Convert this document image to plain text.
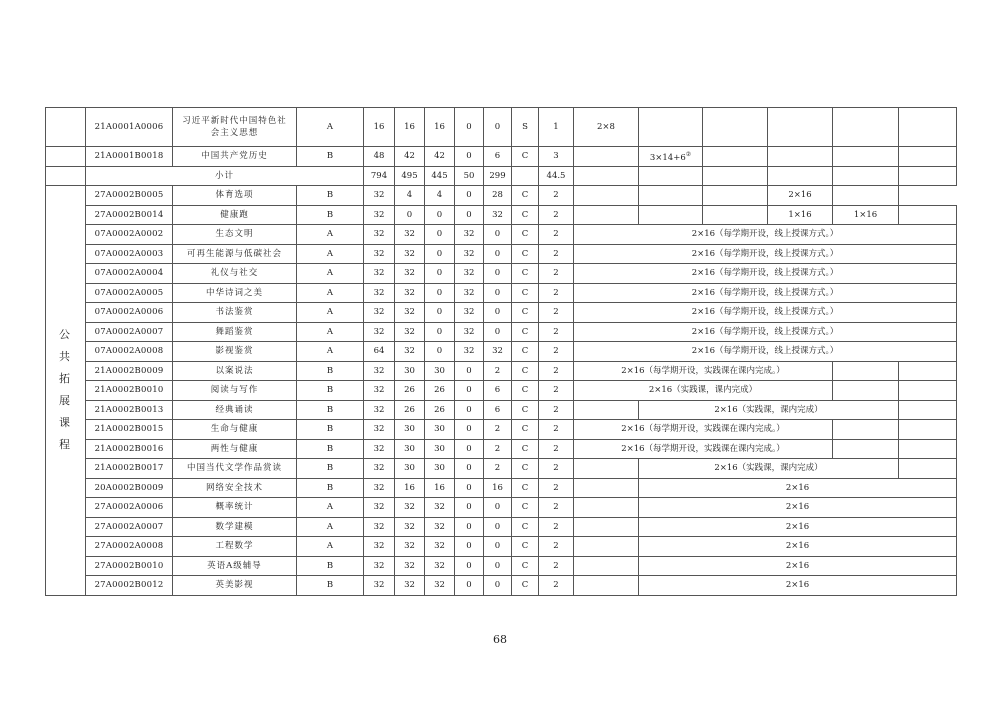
	21A0001A0006	习近平新时代中国特色社会主义思想	A	16	16	16	0	0	S	1	2×8					
	21A0001B0018	中国共产党历史	B	48	42	42	0	6	C	3		3×14+6②				
	小计			794	495	445	50	299		44.5						
公共拓展课程	27A0002B0005	体育选项	B	32	4	4	0	28	C	2				2×16		
	27A0002B0014	健康跑	B	32	0	0	0	32	C	2				1×16	1×16	
	07A0002A0002	生态文明	A	32	32	0	32	0	C	2	2×16（每学期开设，线上授课方式。）					
	07A0002A0003	可再生能源与低碳社会	A	32	32	0	32	0	C	2	2×16（每学期开设，线上授课方式。）					
	07A0002A0004	礼仪与社交	A	32	32	0	32	0	C	2	2×16（每学期开设，线上授课方式。）					
	07A0002A0005	中华诗词之美	A	32	32	0	32	0	C	2	2×16（每学期开设，线上授课方式。）					
	07A0002A0006	书法鉴赏	A	32	32	0	32	0	C	2	2×16（每学期开设，线上授课方式。）					
	07A0002A0007	舞蹈鉴赏	A	32	32	0	32	0	C	2	2×16（每学期开设，线上授课方式。）					
	07A0002A0008	影视鉴赏	A	64	32	0	32	32	C	2	2×16（每学期开设，线上授课方式。）					
	21A0002B0009	以案说法	B	32	30	30	0	2	C	2	2×16（每学期开设，实践课在课内完成。）					
	21A0002B0010	阅读与写作	B	32	26	26	0	6	C	2	2×16（实践课，课内完成）					
	21A0002B0013	经典诵读	B	32	26	26	0	6	C	2		2×16（实践课，课内完成）				
	21A0002B0015	生命与健康	B	32	30	30	0	2	C	2	2×16（每学期开设，实践课在课内完成。）					
	21A0002B0016	两性与健康	B	32	30	30	0	2	C	2	2×16（每学期开设，实践课在课内完成。）					
	21A0002B0017	中国当代文学作品赏读	B	32	30	30	0	2	C	2		2×16（实践课，课内完成）				
	20A0002B0009	网络安全技术	B	32	16	16	0	16	C	2		2×16				
	27A0002A0006	概率统计	A	32	32	32	0	0	C	2		2×16				
	27A0002A0007	数学建模	A	32	32	32	0	0	C	2		2×16				
	27A0002A0008	工程数学	A	32	32	32	0	0	C	2		2×16				
	27A0002B0010	英语A级辅导	B	32	32	32	0	0	C	2		2×16				
	27A0002B0012	英美影视	B	32	32	32	0	0	C	2		2×16				
68
